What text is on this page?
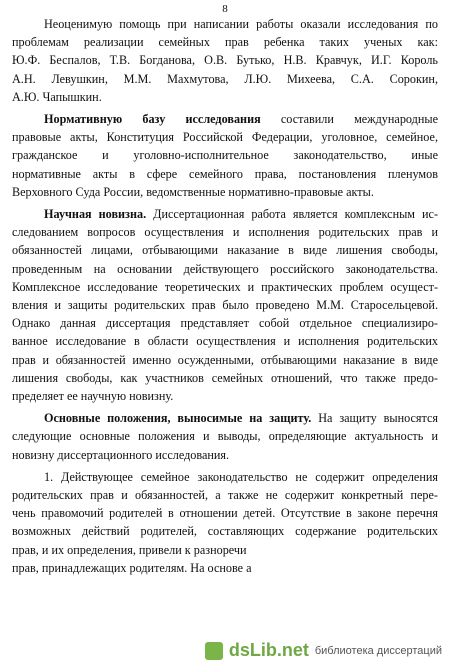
8

Неоценимую помощь при написании работы оказали исследования по
проблемам реализации семейных прав ребенка таких ученых как:
Ю.Ф. Беспалов, Т.В. Богданова, О.В. Бутько, Н.В. Кравчук, И.Г. Король
А.Н. Левушкин, М.М. Махмутова, Л.Ю. Михеева, С.А. Сорокин,
А.Ю. Чапышкин.

Нормативную базу исследования составили международные
правовые акты, Конституция Российской Федерации, уголовное, семейное,
гражданское и уголовно-исполнительное законодательство, иные
нормативные акты в сфере семейного права, постановления пленумов
Верховного Суда России, ведомственные нормативно-правовые акты.

Научная новизна. Диссертационная работа является комплексным ис-
следованием вопросов осуществления и исполнения родительских прав и
обязанностей лицами, отбывающими наказание в виде лишения свободы,
проведенным на основании действующего российского законодательства.
Комплексное исследование теоретических и практических проблем осущест-
вления и защиты родительских прав было проведено М.М. Старосельцевой.
Однако данная диссертация представляет собой отдельное специализиро-
ванное исследование в области осуществления и исполнения родительских
прав и обязанностей именно осужденными, отбывающими наказание в виде
лишения свободы, как участников семейных отношений, что также предо-
пределяет ее научную новизну.

Основные положения, выносимые на защиту. На защиту выносятся
следующие основные положения и выводы, определяющие актуальность и
новизну диссертационного исследования.

1. Действующее семейное законодательство не содержит определения
родительских прав и обязанностей, а также не содержит конкретный пере-
чень правомочий родителей в отношении детей. Отсутствие в законе перечня
возможных действий родителей, составляющих содержание родительских
прав, и их определения, привели к разноречи
прав, принадлежащих родителям. На основе а

dsLib.net библиотека диссертаций
